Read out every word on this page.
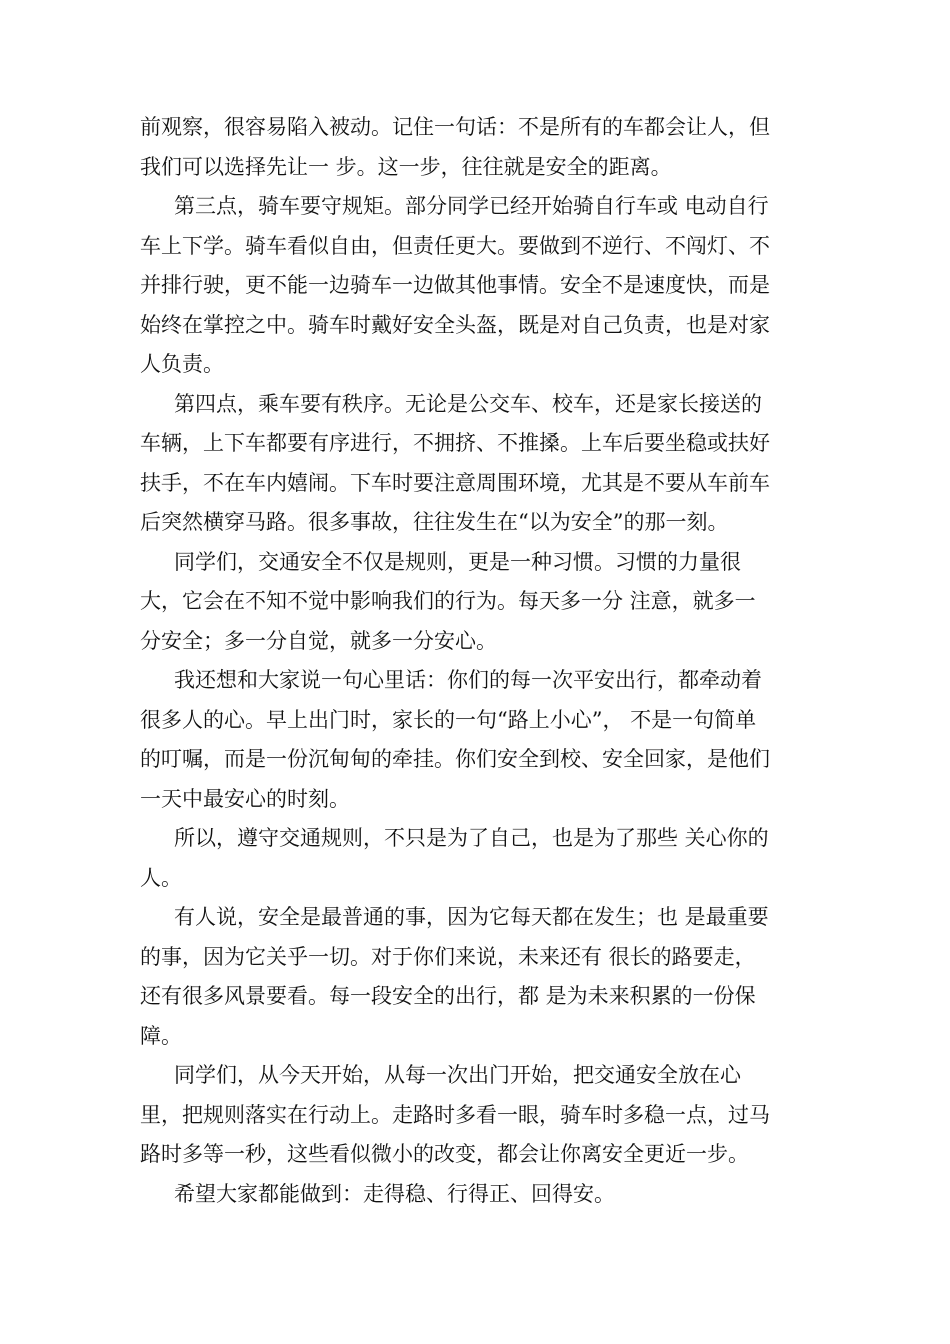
前观察，很容易陷入被动。记住一句话：不是所有的车都会让人，但
我们可以选择先让一 步。这一步，往往就是安全的距离。

第三点，骑车要守规矩。部分同学已经开始骑自行车或 电动自行
车上下学。骑车看似自由，但责任更大。要做到不逆行、不闯灯、不
并排行驶，更不能一边骑车一边做其他事情。安全不是速度快，而是
始终在掌控之中。骑车时戴好安全头盔，既是对自己负责，也是对家
人负责。

第四点，乘车要有秩序。无论是公交车、校车，还是家长接送的
车辆，上下车都要有序进行，不拥挤、不推搡。上车后要坐稳或扶好
扶手，不在车内嬉闹。下车时要注意周围环境，尤其是不要从车前车
后突然横穿马路。很多事故，往往发生在“以为安全”的那一刻。

同学们，交通安全不仅是规则，更是一种习惯。习惯的力量很
大，它会在不知不觉中影响我们的行为。每天多一分 注意，就多一
分安全；多一分自觉，就多一分安心。

我还想和大家说一句心里话：你们的每一次平安出行，都牵动着
很多人的心。早上出门时，家长的一句“路上小心”， 不是一句简单
的叮嘱，而是一份沉甸甸的牵挂。你们安全到校、安全回家，是他们
一天中最安心的时刻。

所以，遵守交通规则，不只是为了自己，也是为了那些 关心你的
人。

有人说，安全是最普通的事，因为它每天都在发生；也 是最重要
的事，因为它关乎一切。对于你们来说，未来还有 很长的路要走，
还有很多风景要看。每一段安全的出行，都 是为未来积累的一份保
障。

同学们，从今天开始，从每一次出门开始，把交通安全放在心
里，把规则落实在行动上。走路时多看一眼，骑车时多稳一点，过马
路时多等一秒，这些看似微小的改变，都会让你离安全更近一步。

希望大家都能做到：走得稳、行得正、回得安。
